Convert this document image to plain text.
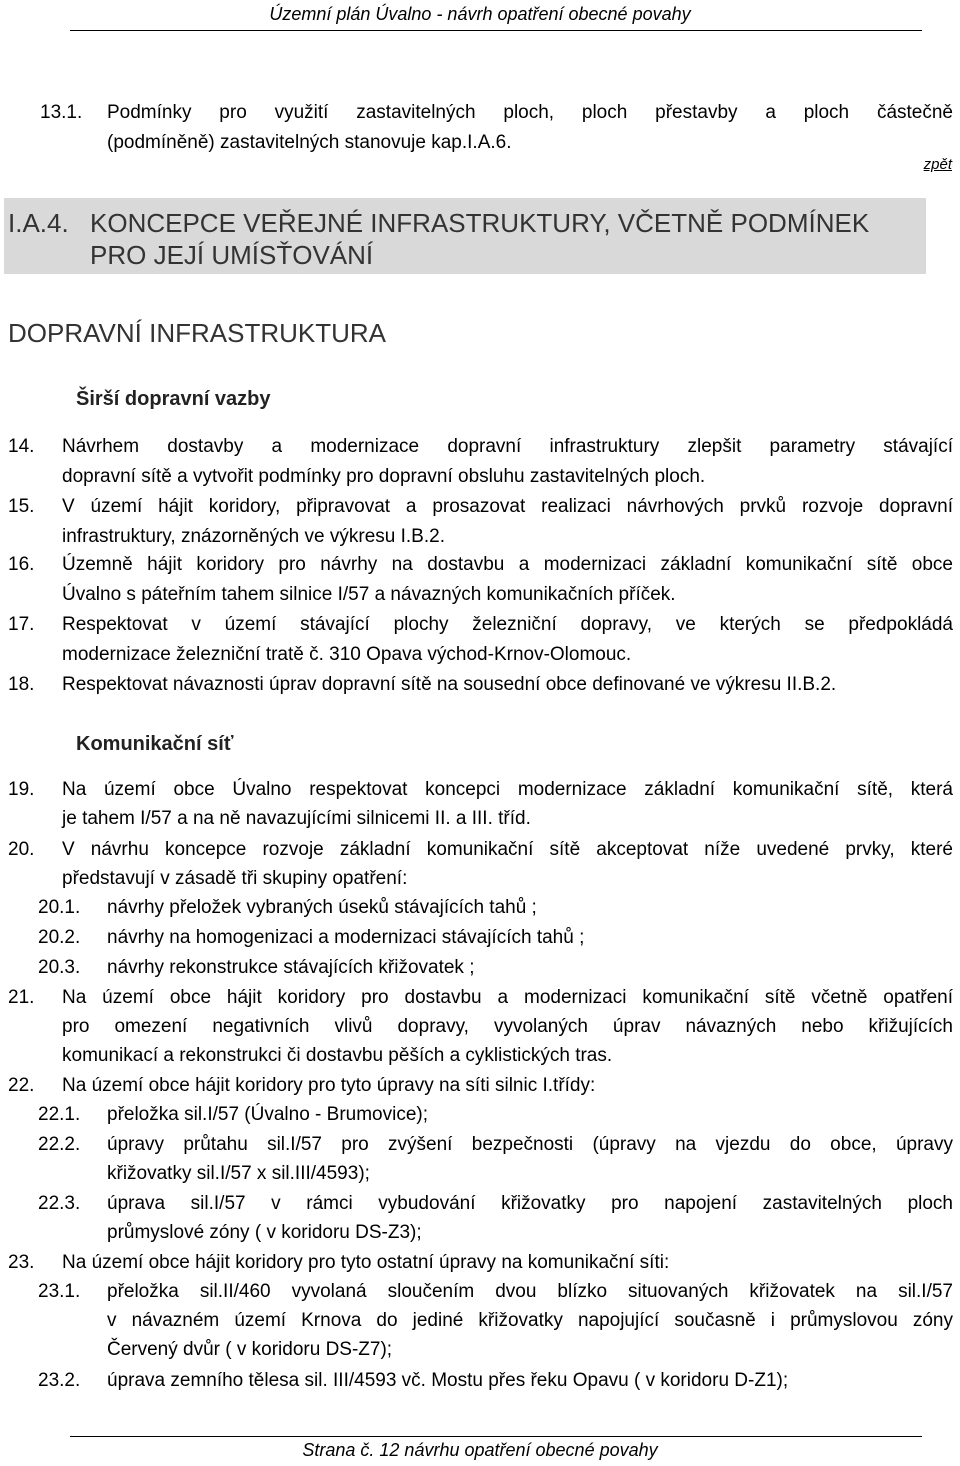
Územní plán Úvalno - návrh opatření obecné povahy
13.1. Podmínky pro využití zastavitelných ploch, ploch přestavby a ploch částečně
(podmíněně) zastavitelných stanovuje kap.I.A.6.
zpět
I.A.4. KONCEPCE VEŘEJNÉ INFRASTRUKTURY, VČETNĚ PODMÍNEK
PRO JEJÍ UMÍSŤOVÁNÍ
DOPRAVNÍ INFRASTRUKTURA
Širší dopravní vazby
14. Návrhem dostavby a modernizace dopravní infrastruktury zlepšit parametry stávající
dopravní sítě a vytvořit podmínky pro dopravní obsluhu zastavitelných ploch.
15. V území hájit koridory, připravovat a prosazovat realizaci návrhových prvků rozvoje dopravní
infrastruktury, znázorněných ve výkresu I.B.2.
16. Územně hájit koridory pro návrhy na dostavbu a modernizaci základní komunikační sítě obce
Úvalno s páteřním tahem silnice I/57 a návazných komunikačních příček.
17. Respektovat v území stávající plochy železniční dopravy, ve kterých se předpokládá
modernizace železniční tratě č. 310 Opava východ-Krnov-Olomouc.
18. Respektovat návaznosti úprav dopravní sítě na sousední obce definované ve výkresu II.B.2.
Komunikační síť
19. Na území obce Úvalno respektovat koncepci modernizace základní komunikační sítě, která
je tahem I/57 a na ně navazujícími silnicemi II. a III. tříd.
20. V návrhu koncepce rozvoje základní komunikační sítě akceptovat níže uvedené prvky, které
představují v zásadě tři skupiny opatření:
20.1. návrhy přeložek vybraných úseků stávajících tahů ;
20.2. návrhy na homogenizaci a modernizaci stávajících tahů ;
20.3. návrhy rekonstrukce stávajících křižovatek ;
21. Na území obce hájit koridory pro dostavbu a modernizaci komunikační sítě včetně opatření
pro omezení negativních vlivů dopravy, vyvolaných úprav návazných nebo křižujících
komunikací a rekonstrukci či dostavbu pěších a cyklistických tras.
22. Na území obce hájit koridory pro tyto úpravy na síti silnic I.třídy:
22.1. přeložka sil.I/57 (Úvalno - Brumovice);
22.2. úpravy průtahu sil.I/57 pro zvýšení bezpečnosti (úpravy na vjezdu do obce, úpravy
křižovatky sil.I/57 x sil.III/4593);
22.3. úprava sil.I/57 v rámci vybudování křižovatky pro napojení zastavitelných ploch
průmyslové zóny ( v koridoru DS-Z3);
23. Na území obce hájit koridory pro tyto ostatní úpravy na komunikační síti:
23.1. přeložka sil.II/460 vyvolaná sloučením dvou blízko situovaných křižovatek na sil.I/57
v návazném území Krnova do jediné křižovatky napojující současně i průmyslovou zóny
Červený dvůr ( v koridoru DS-Z7);
23.2. úprava zemního tělesa sil. III/4593 vč. Mostu přes řeku Opavu ( v koridoru D-Z1);
Strana č. 12 návrhu opatření obecné povahy
